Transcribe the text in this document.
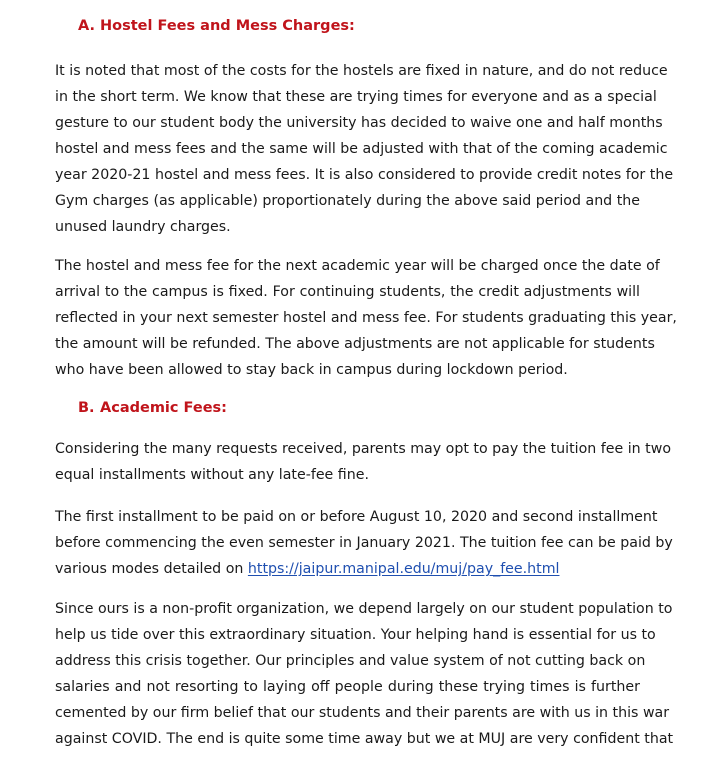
A. Hostel Fees and Mess Charges:

It is noted that most of the costs for the hostels are fixed in nature, and do not reduce
in the short term. We know that these are trying times for everyone and as a special
gesture to our student body the university has decided to waive one and half months
hostel and mess fees and the same will be adjusted with that of the coming academic
year 2020-21 hostel and mess fees. It is also considered to provide credit notes for the
Gym charges (as applicable) proportionately during the above said period and the
unused laundry charges.

The hostel and mess fee for the next academic year will be charged once the date of
arrival to the campus is fixed. For continuing students, the credit adjustments will
reflected in your next semester hostel and mess fee. For students graduating this year,
the amount will be refunded. The above adjustments are not applicable for students
who have been allowed to stay back in campus during lockdown period.

B. Academic Fees:

Considering the many requests received, parents may opt to pay the tuition fee in two
equal installments without any late-fee fine.

The first installment to be paid on or before August 10, 2020 and second installment
before commencing the even semester in January 2021. The tuition fee can be paid by
various modes detailed on https://jaipur.manipal.edu/muj/pay_fee.html

Since ours is a non-profit organization, we depend largely on our student population to
help us tide over this extraordinary situation. Your helping hand is essential for us to
address this crisis together. Our principles and value system of not cutting back on
salaries and not resorting to laying off people during these trying times is further
cemented by our firm belief that our students and their parents are with us in this war
against COVID. The end is quite some time away but we at MUJ are very confident that
